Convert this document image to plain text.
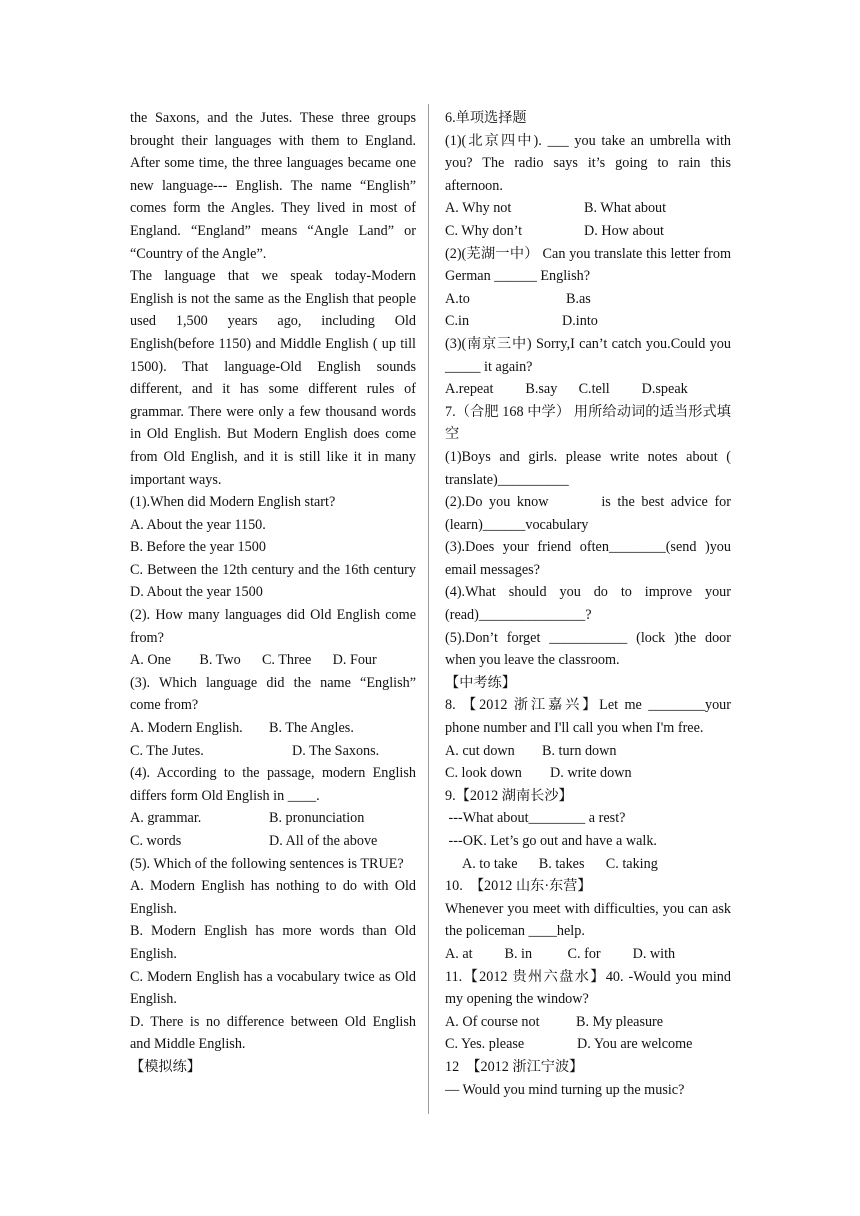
the Saxons, and the Jutes. These three groups brought their languages with them to England. After some time, the three languages became one new language--- English. The name “English” comes form the Angles. They lived in most of England. “England” means “Angle Land” or “Country of the Angle”.

The language that we speak today-Modern English is not the same as the English that people used 1,500 years ago, including Old English(before 1150) and Middle English ( up till 1500). That language-Old English sounds different, and it has some different rules of grammar. There were only a few thousand words in Old English. But Modern English does come from Old English, and it is still like it in many important ways.

(1).When did Modern English start?

A. About the year 1150.

B. Before the year 1500

C. Between the 12th century and the 16th century D. About the year 1500

(2). How many languages did Old English come from?

A. One        B. Two      C. Three      D. Four

(3). Which language did the name “English” come from?

A. Modern English.	B. The Angles.
C. The Jutes.	D. The Saxons.

(4). According to the passage, modern English differs form Old English in ____.

A. grammar.	B. pronunciation
C. words	D. All of the above

(5). Which of the following sentences is TRUE?

A. Modern English has nothing to do with Old English.

B. Modern English has more words than Old English.

C. Modern English has a vocabulary twice as Old English.

D. There is no difference between Old English and Middle English.

【模拟练】

6.单项选择题

(1)(北京四中). ___ you take an umbrella with you? The radio says it’s going to rain this afternoon.

A. Why not	B. What about
C. Why don’t	D. How about

(2)(芜湖一中） Can you translate this letter from German ______ English?

A.to	B.as
C.in	D.into

(3)(南京三中) Sorry,I can’t catch you.Could you _____ it again?

A.repeat         B.say      C.tell         D.speak

7.（合肥 168 中学） 用所给动词的适当形式填空

(1)Boys and girls. please write notes about ( translate)__________

(2).Do you know        is the best advice for (learn)______vocabulary

(3).Does your friend often________(send )you email messages?

(4).What should you do to improve your (read)_______________?

(5).Don’t forget ___________ (lock )the door when you leave the classroom.

【中考练】

8. 【2012 浙江嘉兴】Let me ________your phone number and I'll call you when I'm free.

A. cut down	B. turn down
C. look down	D. write down

9.【2012 湖南长沙】

---What about________ a rest?

---OK. Let’s go out and have a walk.

A. to take      B. takes      C. taking

10.  【2012 山东·东营】

Whenever you meet with difficulties, you can ask the policeman ____help.

A. at         B. in          C. for         D. with

11.【2012 贵州六盘水】40. -Would you mind my opening the window?

A. Of course not	B. My pleasure
C. Yes. please	D. You are welcome

12  【2012 浙江宁波】

— Would you mind turning up the music?
